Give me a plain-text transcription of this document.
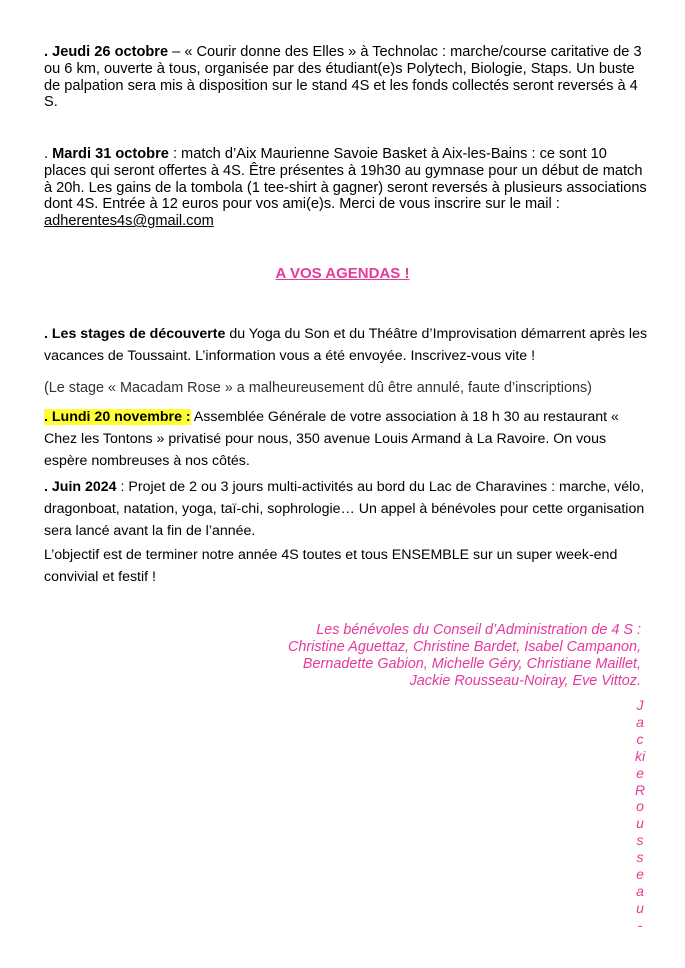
. Jeudi 26 octobre – « Courir donne des Elles » à Technolac : marche/course caritative de 3 ou 6 km, ouverte à tous, organisée par des étudiant(e)s Polytech, Biologie, Staps. Un buste de palpation sera mis à disposition sur le stand 4S et les fonds collectés seront reversés à 4 S.
. Mardi 31 octobre : match d’Aix Maurienne Savoie Basket à Aix-les-Bains : ce sont 10 places qui seront offertes à 4S. Être présentes à 19h30 au gymnase pour un début de match à 20h. Les gains de la tombola (1 tee-shirt à gagner) seront reversés à plusieurs associations dont 4S. Entrée à 12 euros pour vos ami(e)s. Merci de vous inscrire sur le mail : adherentes4s@gmail.com
A VOS AGENDAS !
. Les stages de découverte du Yoga du Son et du Théâtre d’Improvisation démarrent après les vacances de Toussaint. L’information vous a été envoyée. Inscrivez-vous vite !
(Le stage « Macadam Rose » a malheureusement dû être annulé, faute d’inscriptions)
. Lundi 20 novembre : Assemblée Générale de votre association à 18 h 30 au restaurant « Chez les Tontons » privatisé pour nous, 350 avenue Louis Armand à La Ravoire. On vous espère nombreuses à nos côtés.
. Juin 2024 : Projet de 2 ou 3 jours multi-activités au bord du Lac de Charavines : marche, vélo, dragonboat, natation, yoga, taï-chi, sophrologie… Un appel à bénévoles pour cette organisation sera lancé avant la fin de l’année.
L’objectif est de terminer notre année 4S toutes et tous ENSEMBLE sur un super week-end convivial et festif !
Les bénévoles du Conseil d’Administration de 4 S :
Christine Aguettaz, Christine Bardet, Isabel Campanon,
Bernadette Gabion, Michelle Géry, Christiane Maillet,
Jackie Rousseau-Noiray, Eve Vittoz.
Jackie Rousseau-
